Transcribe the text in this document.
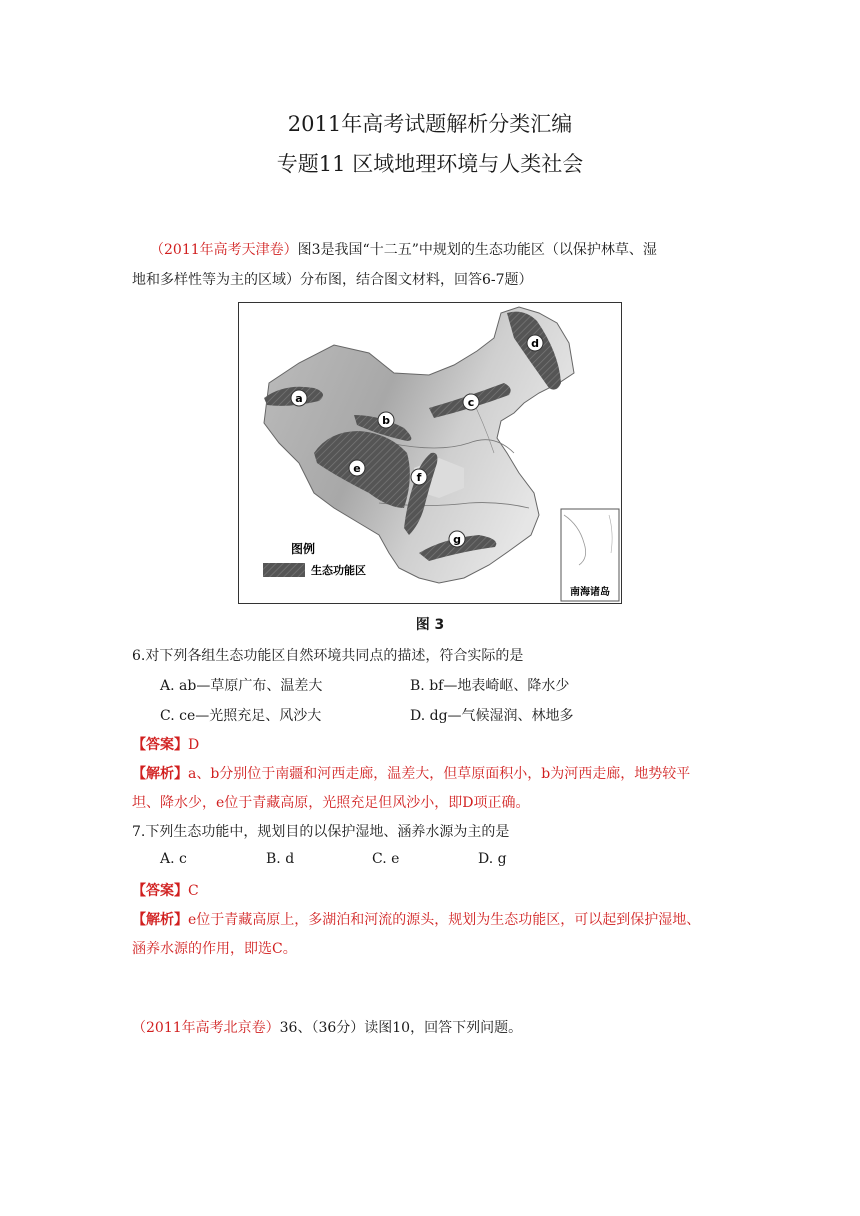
2011年高考试题解析分类汇编
专题11 区域地理环境与人类社会
（2011年高考天津卷）图3是我国“十二五”中规划的生态功能区（以保护林草、湿
地和多样性等为主的区域）分布图，结合图文材料，回答6-7题）
a
b
c
d
e
f
g
图例
生态功能区
南海诸岛
图 3
6.对下列各组生态功能区自然环境共同点的描述，符合实际的是
A. ab—草原广布、温差大	B. bf—地表崎岖、降水少
C. ce—光照充足、风沙大	D. dg—气候湿润、林地多
【答案】D
【解析】a、b分别位于南疆和河西走廊，温差大，但草原面积小，b为河西走廊，地势较平
坦、降水少，e位于青藏高原，光照充足但风沙小，即D项正确。
7.下列生态功能中，规划目的以保护湿地、涵养水源为主的是
A. c	B. d	C. e	D. g
【答案】C
【解析】e位于青藏高原上，多湖泊和河流的源头，规划为生态功能区，可以起到保护湿地、
涵养水源的作用，即选C。
（2011年高考北京卷）36、（36分）读图10，回答下列问题。
